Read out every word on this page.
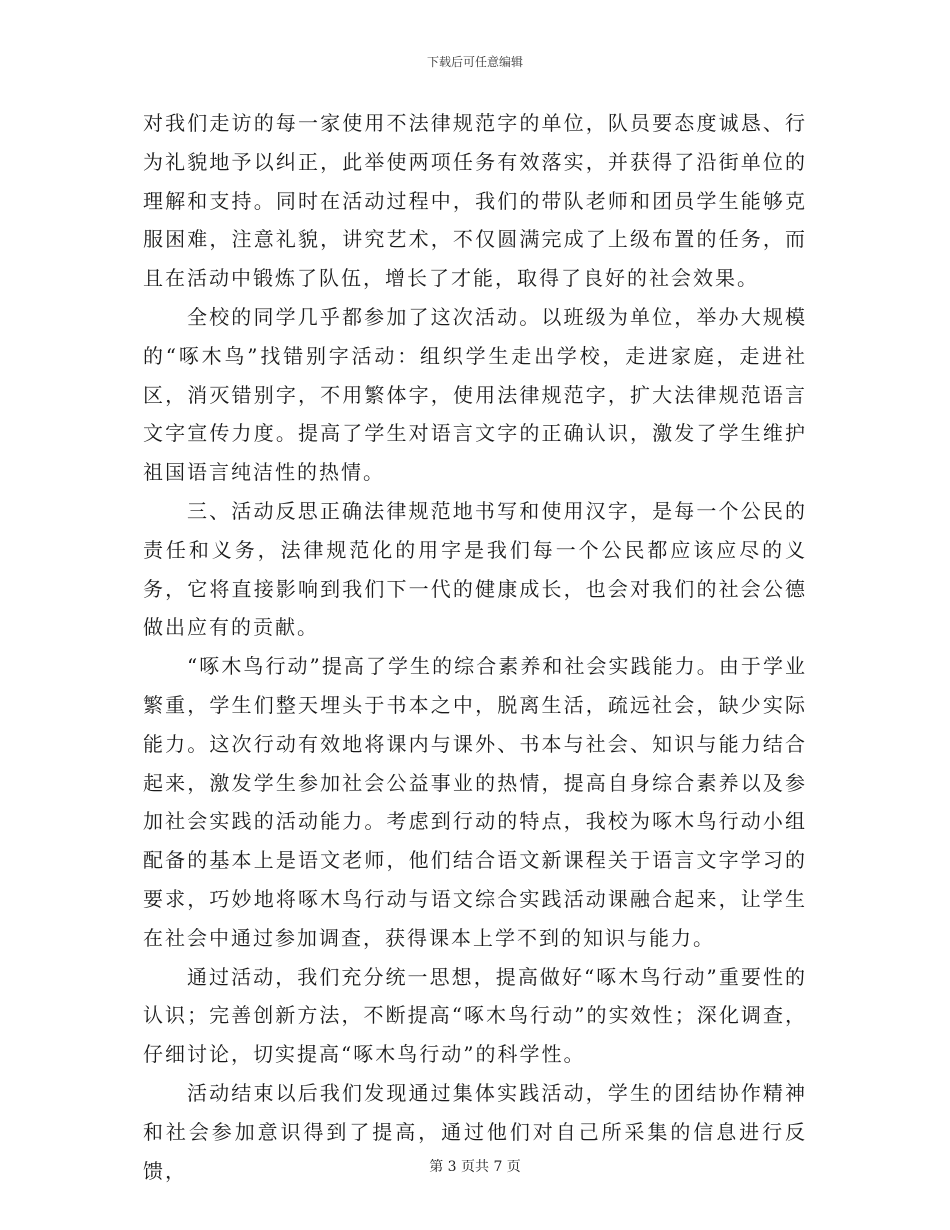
下载后可任意编辑

对我们走访的每一家使用不法律规范字的单位，队员要态度诚恳、行为礼貌地予以纠正，此举使两项任务有效落实，并获得了沿街单位的理解和支持。同时在活动过程中，我们的带队老师和团员学生能够克服困难，注意礼貌，讲究艺术，不仅圆满完成了上级布置的任务，而且在活动中锻炼了队伍，增长了才能，取得了良好的社会效果。

全校的同学几乎都参加了这次活动。以班级为单位，举办大规模的“啄木鸟”找错别字活动：组织学生走出学校，走进家庭，走进社区，消灭错别字，不用繁体字，使用法律规范字，扩大法律规范语言文字宣传力度。提高了学生对语言文字的正确认识，激发了学生维护祖国语言纯洁性的热情。

三、活动反思正确法律规范地书写和使用汉字，是每一个公民的责任和义务，法律规范化的用字是我们每一个公民都应该应尽的义务，它将直接影响到我们下一代的健康成长，也会对我们的社会公德做出应有的贡献。

“啄木鸟行动”提高了学生的综合素养和社会实践能力。由于学业繁重，学生们整天埋头于书本之中，脱离生活，疏远社会，缺少实际能力。这次行动有效地将课内与课外、书本与社会、知识与能力结合起来，激发学生参加社会公益事业的热情，提高自身综合素养以及参加社会实践的活动能力。考虑到行动的特点，我校为啄木鸟行动小组配备的基本上是语文老师，他们结合语文新课程关于语言文字学习的要求，巧妙地将啄木鸟行动与语文综合实践活动课融合起来，让学生在社会中通过参加调查，获得课本上学不到的知识与能力。

通过活动，我们充分统一思想，提高做好“啄木鸟行动”重要性的认识；完善创新方法，不断提高“啄木鸟行动”的实效性；深化调查，仔细讨论，切实提高“啄木鸟行动”的科学性。

活动结束以后我们发现通过集体实践活动，学生的团结协作精神和社会参加意识得到了提高，通过他们对自己所采集的信息进行反馈，	第 3 页共 7 页
